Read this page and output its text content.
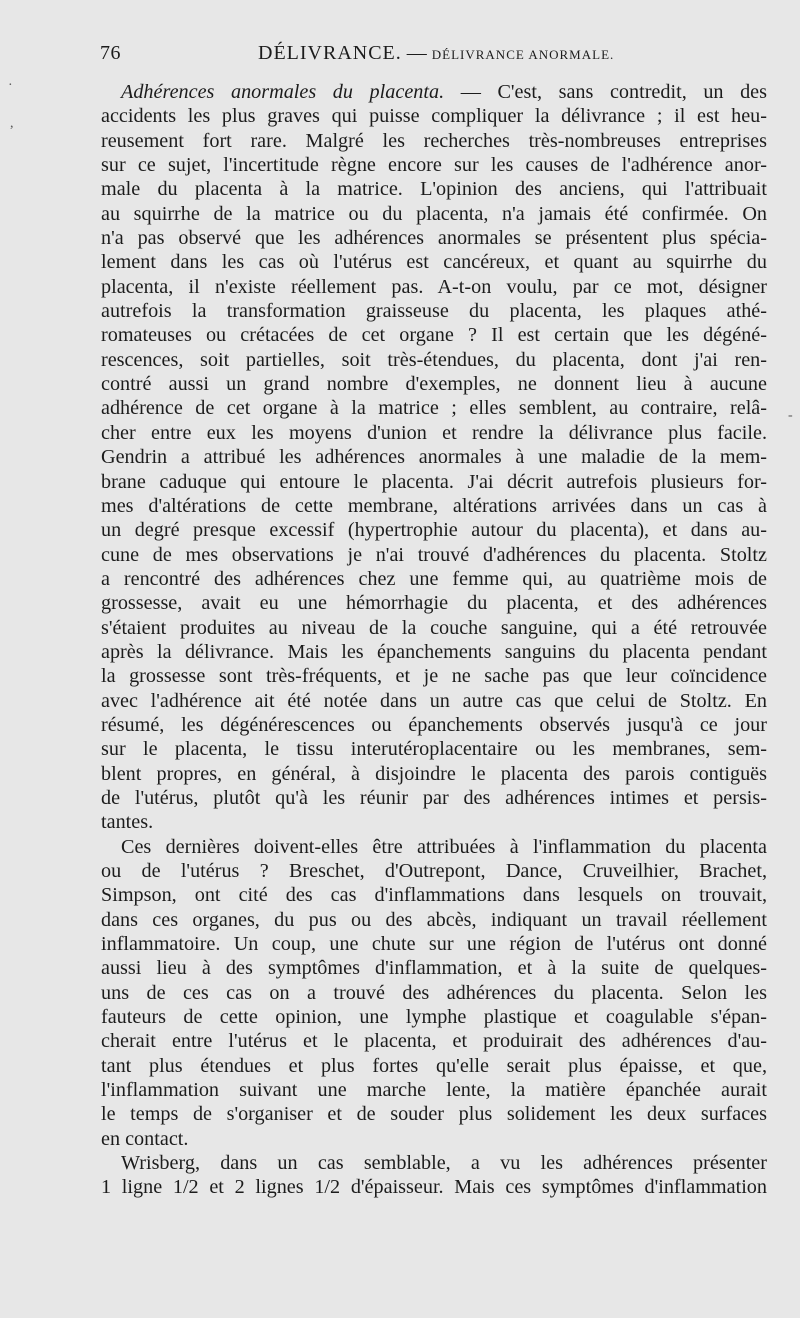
76	DÉLIVRANCE. — DÉLIVRANCE ANORMALE.
Adhérences anormales du placenta. — C'est, sans contredit, un des
accidents les plus graves qui puisse compliquer la délivrance ; il est heu-
reusement fort rare. Malgré les recherches très-nombreuses entreprises
sur ce sujet, l'incertitude règne encore sur les causes de l'adhérence anor-
male du placenta à la matrice. L'opinion des anciens, qui l'attribuait
au squirrhe de la matrice ou du placenta, n'a jamais été confirmée. On
n'a pas observé que les adhérences anormales se présentent plus spécia-
lement dans les cas où l'utérus est cancéreux, et quant au squirrhe du
placenta, il n'existe réellement pas. A-t-on voulu, par ce mot, désigner
autrefois la transformation graisseuse du placenta, les plaques athé-
romateuses ou crétacées de cet organe ? Il est certain que les dégéné-
rescences, soit partielles, soit très-étendues, du placenta, dont j'ai ren-
contré aussi un grand nombre d'exemples, ne donnent lieu à aucune
adhérence de cet organe à la matrice ; elles semblent, au contraire, relâ-
cher entre eux les moyens d'union et rendre la délivrance plus facile.
Gendrin a attribué les adhérences anormales à une maladie de la mem-
brane caduque qui entoure le placenta. J'ai décrit autrefois plusieurs for-
mes d'altérations de cette membrane, altérations arrivées dans un cas à
un degré presque excessif (hypertrophie autour du placenta), et dans au-
cune de mes observations je n'ai trouvé d'adhérences du placenta. Stoltz
a rencontré des adhérences chez une femme qui, au quatrième mois de
grossesse, avait eu une hémorrhagie du placenta, et des adhérences
s'étaient produites au niveau de la couche sanguine, qui a été retrouvée
après la délivrance. Mais les épanchements sanguins du placenta pendant
la grossesse sont très-fréquents, et je ne sache pas que leur coïncidence
avec l'adhérence ait été notée dans un autre cas que celui de Stoltz. En
résumé, les dégénérescences ou épanchements observés jusqu'à ce jour
sur le placenta, le tissu interutéroplacentaire ou les membranes, sem-
blent propres, en général, à disjoindre le placenta des parois contiguës
de l'utérus, plutôt qu'à les réunir par des adhérences intimes et persis-
tantes.
Ces dernières doivent-elles être attribuées à l'inflammation du placenta
ou de l'utérus ? Breschet, d'Outrepont, Dance, Cruveilhier, Brachet,
Simpson, ont cité des cas d'inflammations dans lesquels on trouvait,
dans ces organes, du pus ou des abcès, indiquant un travail réellement
inflammatoire. Un coup, une chute sur une région de l'utérus ont donné
aussi lieu à des symptômes d'inflammation, et à la suite de quelques-
uns de ces cas on a trouvé des adhérences du placenta. Selon les
fauteurs de cette opinion, une lymphe plastique et coagulable s'épan-
cherait entre l'utérus et le placenta, et produirait des adhérences d'au-
tant plus étendues et plus fortes qu'elle serait plus épaisse, et que,
l'inflammation suivant une marche lente, la matière épanchée aurait
le temps de s'organiser et de souder plus solidement les deux surfaces
en contact.
Wrisberg, dans un cas semblable, a vu les adhérences présenter
1 ligne 1/2 et 2 lignes 1/2 d'épaisseur. Mais ces symptômes d'inflammation
·
,
-
